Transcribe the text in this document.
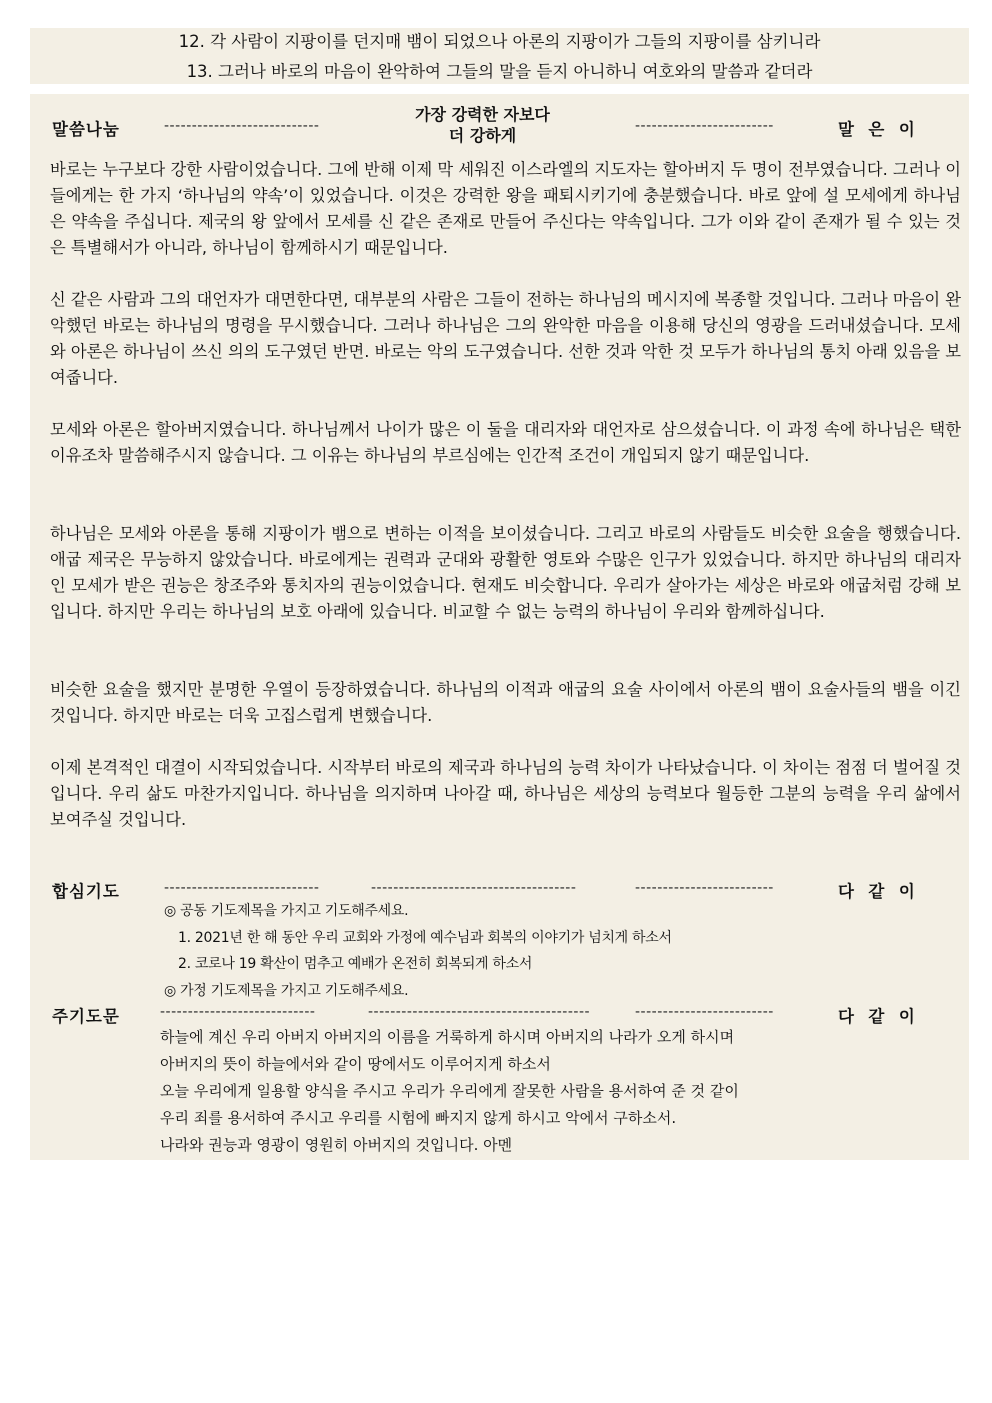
12. 각 사람이 지팡이를 던지매 뱀이 되었으나 아론의 지팡이가 그들의 지팡이를 삼키니라
13. 그러나 바로의 마음이 완악하여 그들의 말을 듣지 아니하니 여호와의 말씀과 같더라
말씀나눔	----------------------------
가장 강력한 자보다
더 강하게	-------------------------	말  은  이
바로는 누구보다 강한 사람이었습니다. 그에 반해 이제 막 세워진 이스라엘의 지도자는 할아버지 두 명이 전부였습니다. 그러나 이들에게는 한 가지 ‘하나님의 약속’이 있었습니다. 이것은 강력한 왕을 패퇴시키기에 충분했습니다. 바로 앞에 설 모세에게 하나님은 약속을 주십니다. 제국의 왕 앞에서 모세를 신 같은 존재로 만들어 주신다는 약속입니다. 그가 이와 같이 존재가 될 수 있는 것은 특별해서가 아니라, 하나님이 함께하시기 때문입니다.
신 같은 사람과 그의 대언자가 대면한다면, 대부분의 사람은 그들이 전하는 하나님의 메시지에 복종할 것입니다. 그러나 마음이 완악했던 바로는 하나님의 명령을 무시했습니다. 그러나 하나님은 그의 완악한 마음을 이용해 당신의 영광을 드러내셨습니다. 모세와 아론은 하나님이 쓰신 의의 도구였던 반면. 바로는 악의 도구였습니다. 선한 것과 악한 것 모두가 하나님의 통치 아래 있음을 보여줍니다.
모세와 아론은 할아버지였습니다. 하나님께서 나이가 많은 이 둘을 대리자와 대언자로 삼으셨습니다. 이 과정 속에 하나님은 택한 이유조차 말씀해주시지 않습니다. 그 이유는 하나님의 부르심에는 인간적 조건이 개입되지 않기 때문입니다.
하나님은 모세와 아론을 통해 지팡이가 뱀으로 변하는 이적을 보이셨습니다. 그리고 바로의 사람들도 비슷한 요술을 행했습니다. 애굽 제국은 무능하지 않았습니다. 바로에게는 권력과 군대와 광활한 영토와 수많은 인구가 있었습니다. 하지만 하나님의 대리자인 모세가 받은 권능은 창조주와 통치자의 권능이었습니다. 현재도 비슷합니다. 우리가 살아가는 세상은 바로와 애굽처럼 강해 보입니다. 하지만 우리는 하나님의 보호 아래에 있습니다. 비교할 수 없는 능력의 하나님이 우리와 함께하십니다.
비슷한 요술을 했지만 분명한 우열이 등장하였습니다. 하나님의 이적과 애굽의 요술 사이에서 아론의 뱀이 요술사들의 뱀을 이긴 것입니다. 하지만 바로는 더욱 고집스럽게 변했습니다.
이제 본격적인 대결이 시작되었습니다. 시작부터 바로의 제국과 하나님의 능력 차이가 나타났습니다. 이 차이는 점점 더 벌어질 것입니다. 우리 삶도 마찬가지입니다. 하나님을 의지하며 나아갈 때, 하나님은 세상의 능력보다 월등한 그분의 능력을 우리 삶에서 보여주실 것입니다.
합심기도	----------------------------	-------------------------------------	-------------------------	다  같  이
◎ 공동 기도제목을 가지고 기도해주세요.
1. 2021년 한 해 동안 우리 교회와 가정에 예수님과 회복의 이야기가 넘치게 하소서
2. 코로나 19 확산이 멈추고 예배가 온전히 회복되게 하소서
◎ 가정 기도제목을 가지고 기도해주세요.
주기도문	----------------------------	----------------------------------------	-------------------------	다  같  이
하늘에 계신 우리 아버지 아버지의 이름을 거룩하게 하시며 아버지의 나라가 오게 하시며
아버지의 뜻이 하늘에서와 같이 땅에서도 이루어지게 하소서
오늘 우리에게 일용할 양식을 주시고 우리가 우리에게 잘못한 사람을 용서하여 준 것 같이
우리 죄를 용서하여 주시고 우리를 시험에 빠지지 않게 하시고 악에서 구하소서.
나라와 권능과 영광이 영원히 아버지의 것입니다. 아멘
